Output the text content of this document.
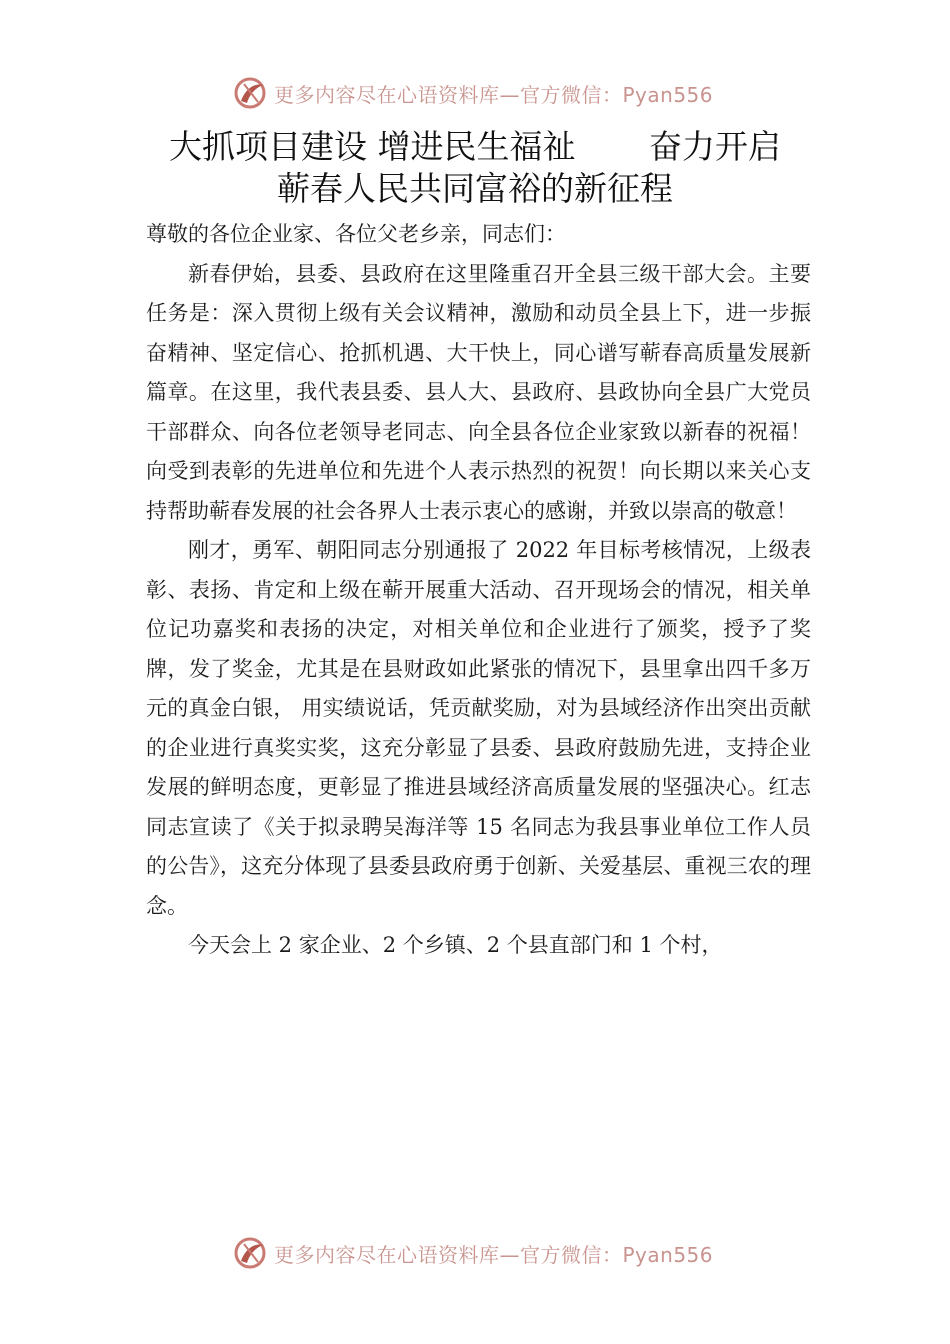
更多内容尽在心语资料库—官方微信：Pyan556
大抓项目建设 增进民生福祉       奋力开启
蕲春人民共同富裕的新征程

尊敬的各位企业家、各位父老乡亲，同志们：

新春伊始，县委、县政府在这里隆重召开全县三级干部大会。主要任务是：深入贯彻上级有关会议精神，激励和动员全县上下，进一步振奋精神、坚定信心、抢抓机遇、大干快上，同心谱写蕲春高质量发展新篇章。在这里，我代表县委、县人大、县政府、县政协向全县广大党员干部群众、向各位老领导老同志、向全县各位企业家致以新春的祝福！向受到表彰的先进单位和先进个人表示热烈的祝贺！向长期以来关心支持帮助蕲春发展的社会各界人士表示衷心的感谢，并致以崇高的敬意！

刚才，勇军、朝阳同志分别通报了 2022 年目标考核情况，上级表彰、表扬、肯定和上级在蕲开展重大活动、召开现场会的情况，相关单位记功嘉奖和表扬的决定，对相关单位和企业进行了颁奖，授予了奖牌，发了奖金，尤其是在县财政如此紧张的情况下，县里拿出四千多万元的真金白银， 用实绩说话，凭贡献奖励，对为县域经济作出突出贡献的企业进行真奖实奖，这充分彰显了县委、县政府鼓励先进，支持企业发展的鲜明态度，更彰显了推进县域经济高质量发展的坚强决心。红志同志宣读了《关于拟录聘吴海洋等 15 名同志为我县事业单位工作人员的公告》，这充分体现了县委县政府勇于创新、关爱基层、重视三农的理念。

今天会上 2 家企业、2 个乡镇、2 个县直部门和 1 个村，

更多内容尽在心语资料库—官方微信：Pyan556
